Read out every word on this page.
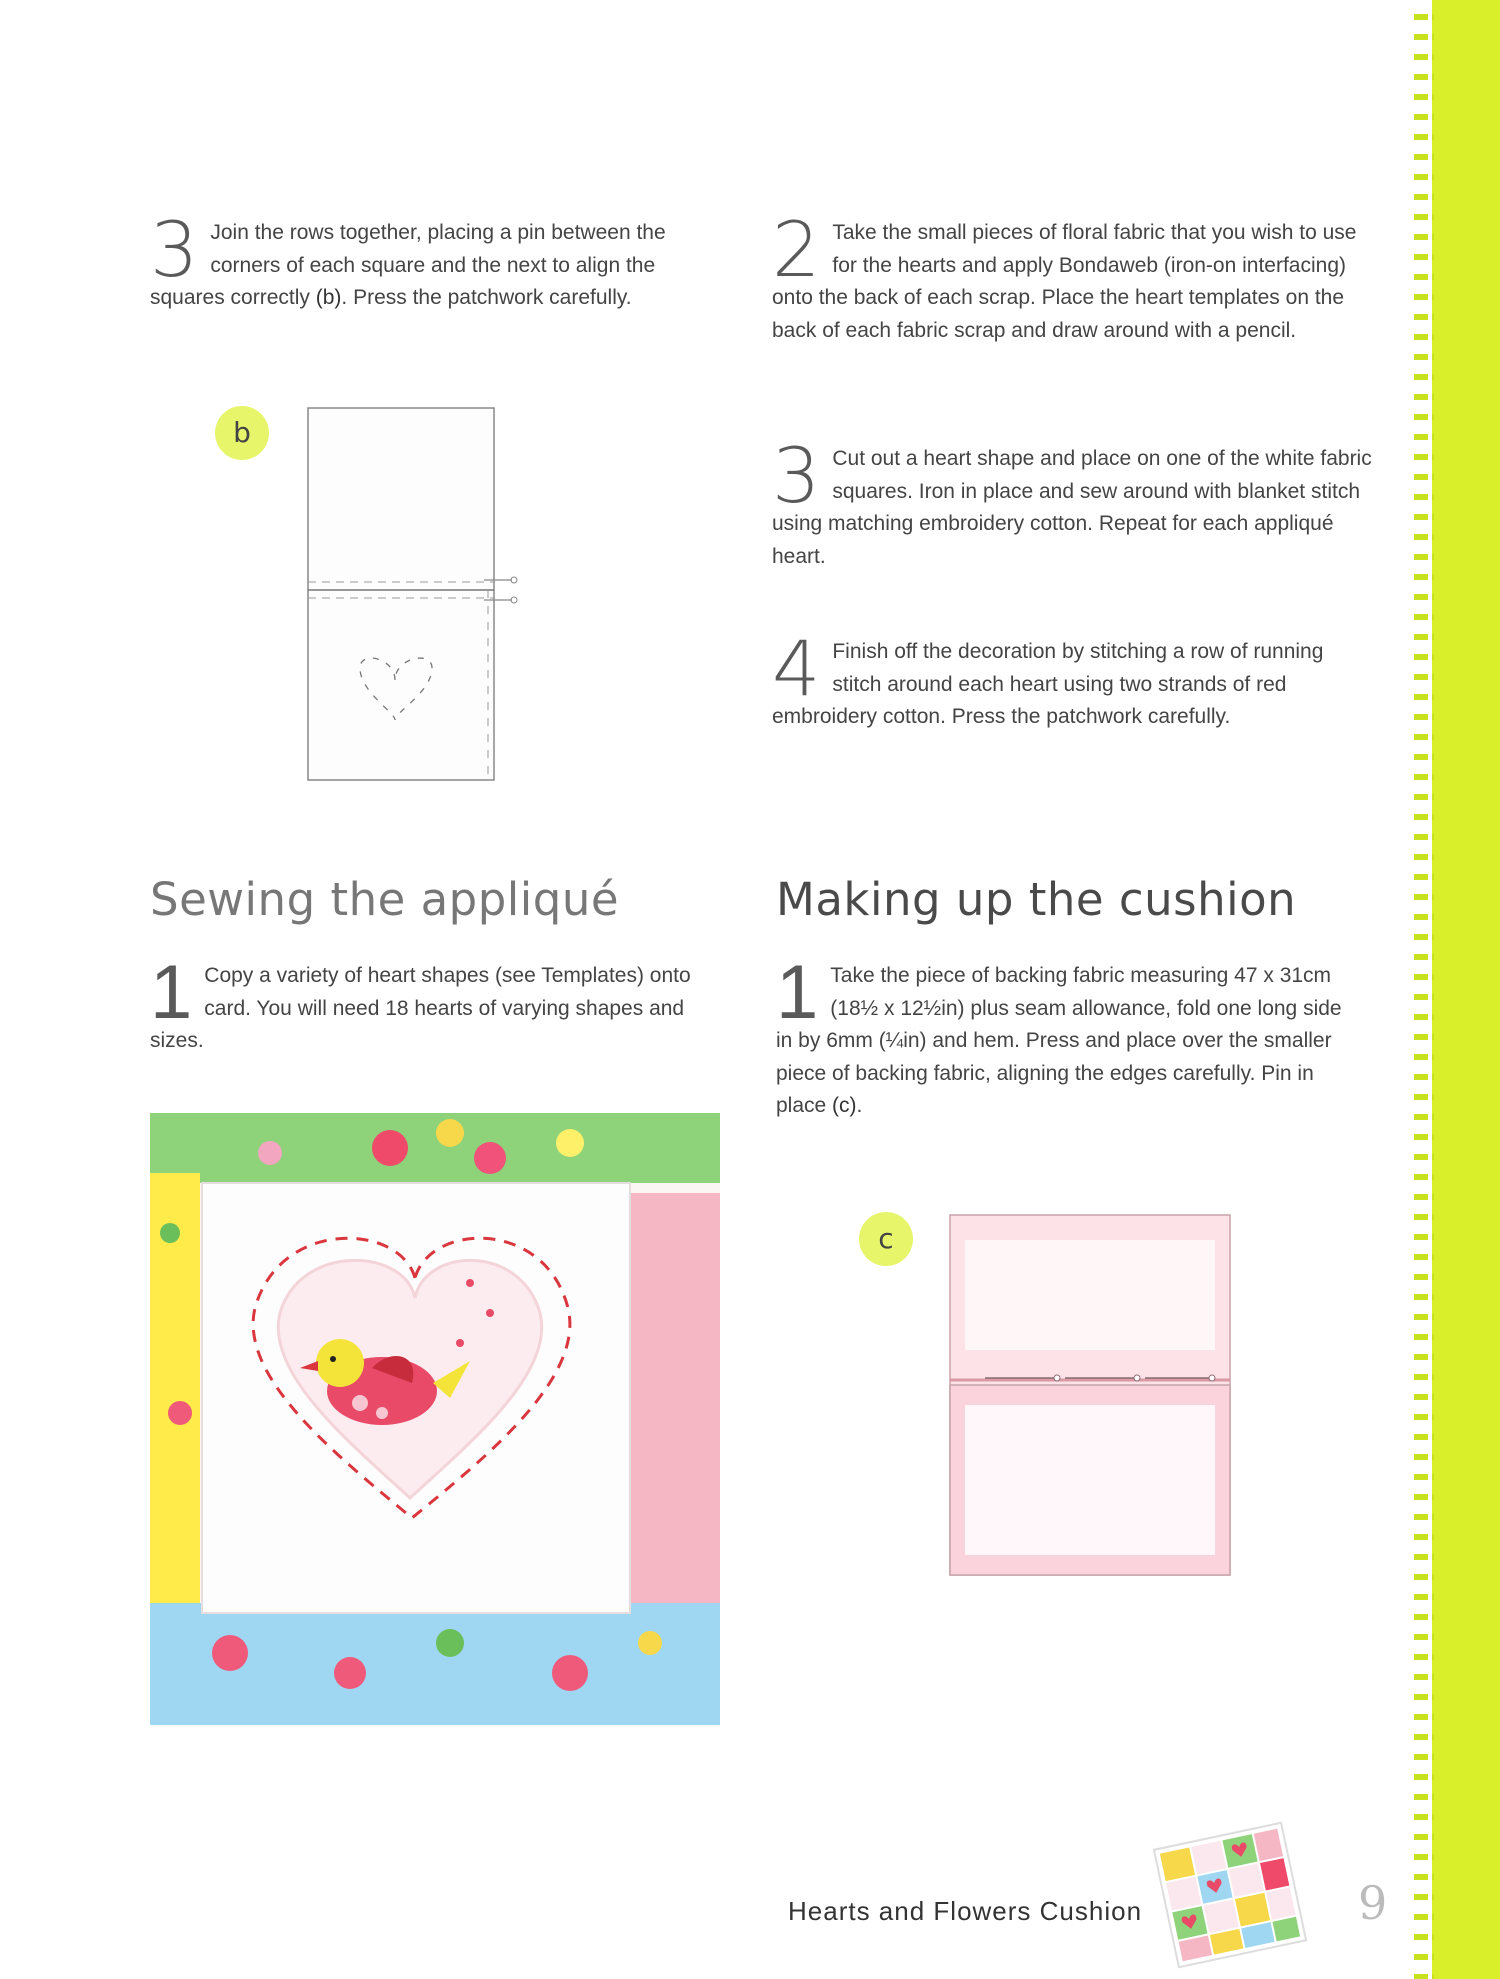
3 Join the rows together, placing a pin between the corners of each square and the next to align the squares correctly (b). Press the patchwork carefully.
b
2 Take the small pieces of floral fabric that you wish to use for the hearts and apply Bondaweb (iron-on interfacing) onto the back of each scrap. Place the heart templates on the back of each fabric scrap and draw around with a pencil.
3 Cut out a heart shape and place on one of the white fabric squares. Iron in place and sew around with blanket stitch using matching embroidery cotton. Repeat for each appliqué heart.
4 Finish off the decoration by stitching a row of running stitch around each heart using two strands of red embroidery cotton. Press the patchwork carefully.
Sewing the appliqué	Making up the cushion
1 Copy a variety of heart shapes (see Templates) onto card. You will need 18 hearts of varying shapes and sizes.
1 Take the piece of backing fabric measuring 47 x 31cm (18½ x 12½in) plus seam allowance, fold one long side in by 6mm (¼in) and hem. Press and place over the smaller piece of backing fabric, aligning the edges carefully. Pin in place (c).
c
Hearts and Flowers Cushion	9
